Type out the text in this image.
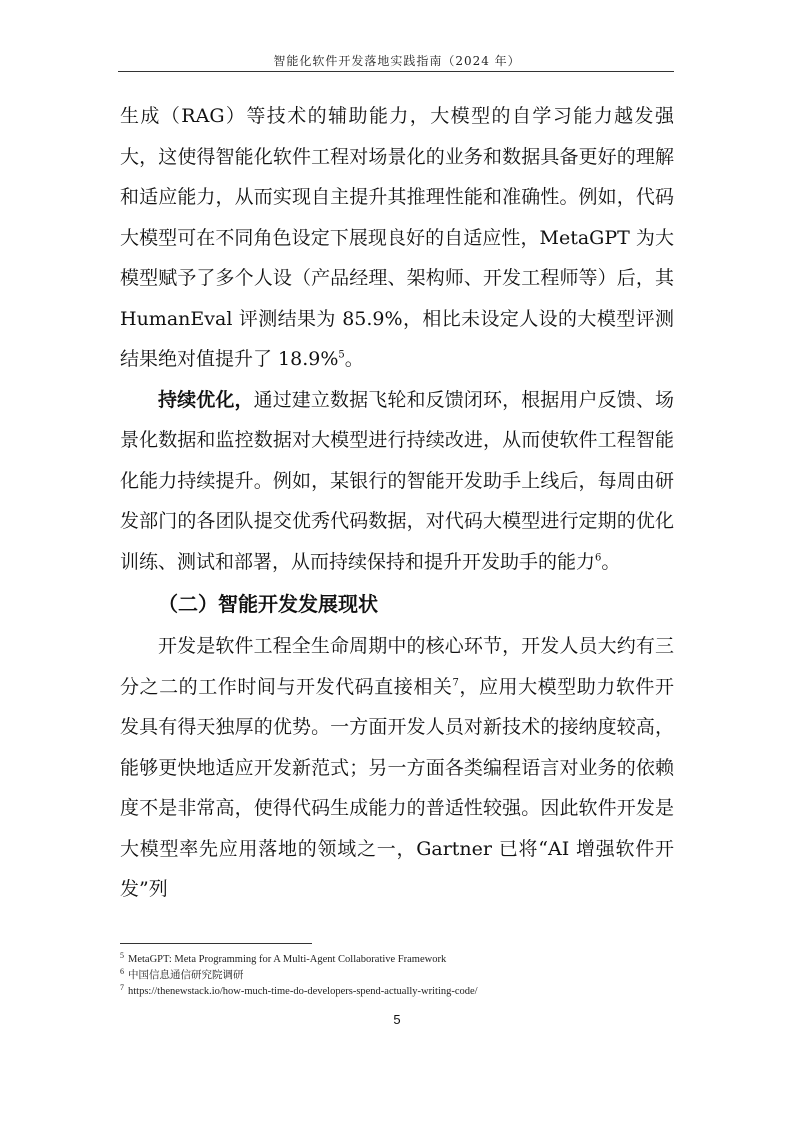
智能化软件开发落地实践指南（2024 年）

生成（RAG）等技术的辅助能力，大模型的自学习能力越发强大，这使得智能化软件工程对场景化的业务和数据具备更好的理解和适应能力，从而实现自主提升其推理性能和准确性。例如，代码大模型可在不同角色设定下展现良好的自适应性，MetaGPT 为大模型赋予了多个人设（产品经理、架构师、开发工程师等）后，其 HumanEval 评测结果为 85.9%，相比未设定人设的大模型评测结果绝对值提升了 18.9%$^5$。

持续优化，通过建立数据飞轮和反馈闭环，根据用户反馈、场景化数据和监控数据对大模型进行持续改进，从而使软件工程智能化能力持续提升。例如，某银行的智能开发助手上线后，每周由研发部门的各团队提交优秀代码数据，对代码大模型进行定期的优化训练、测试和部署，从而持续保持和提升开发助手的能力$^6$。

（二）智能开发发展现状

开发是软件工程全生命周期中的核心环节，开发人员大约有三分之二的工作时间与开发代码直接相关$^7$，应用大模型助力软件开发具有得天独厚的优势。一方面开发人员对新技术的接纳度较高，能够更快地适应开发新范式；另一方面各类编程语言对业务的依赖度不是非常高，使得代码生成能力的普适性较强。因此软件开发是大模型率先应用落地的领域之一，Gartner 已将“AI 增强软件开发”列

$^5$ MetaGPT: Meta Programming for A Multi-Agent Collaborative Framework
$^6$ 中国信息通信研究院调研
$^7$ https://thenewstack.io/how-much-time-do-developers-spend-actually-writing-code/
5
